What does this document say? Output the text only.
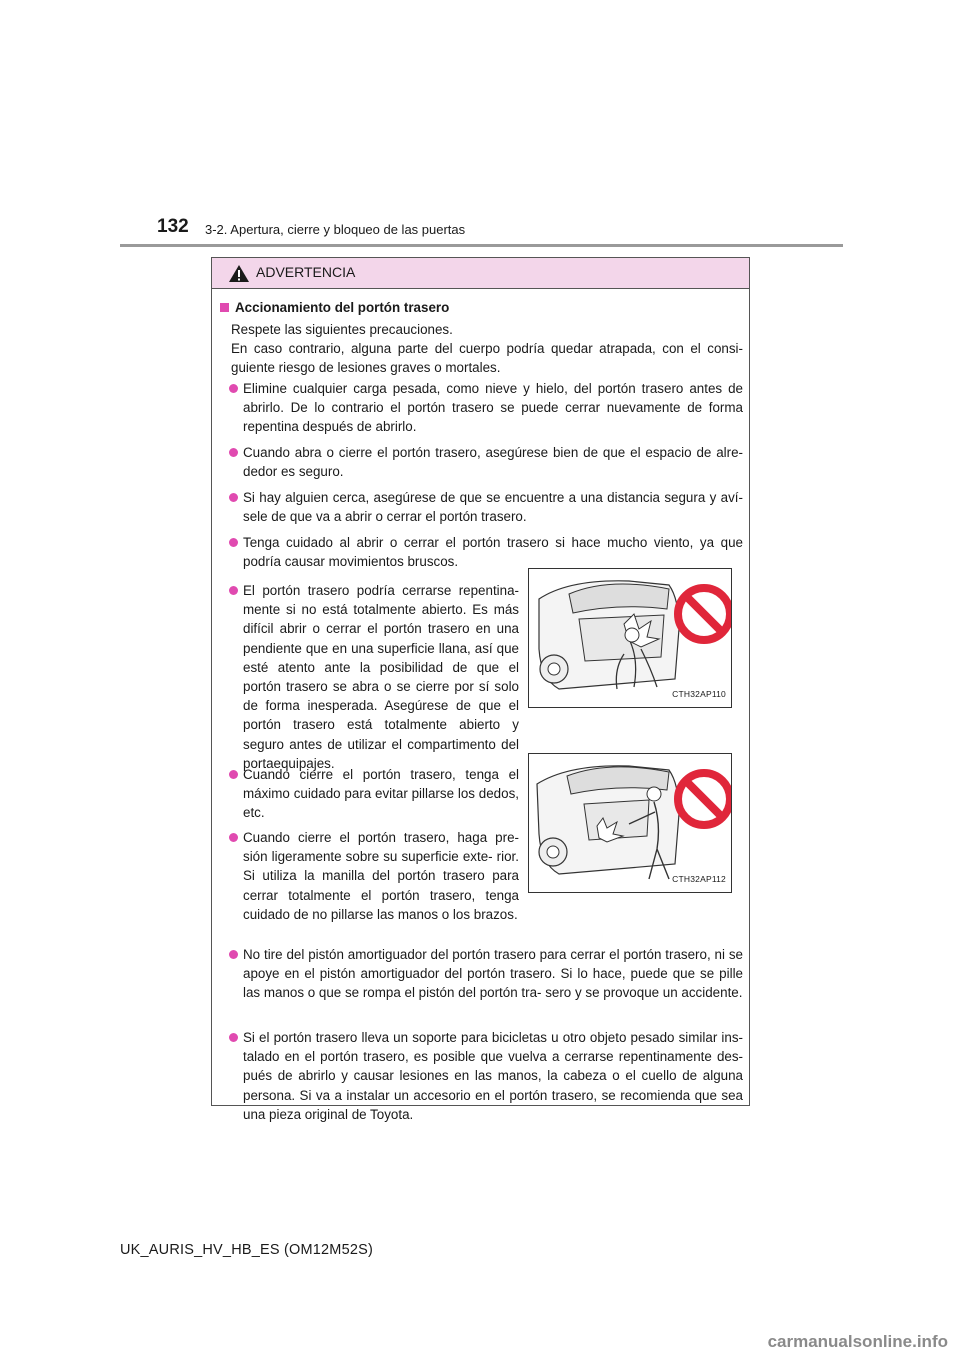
132 3-2. Apertura, cierre y bloqueo de las puertas
ADVERTENCIA
Accionamiento del portón trasero
Respete las siguientes precauciones.
En caso contrario, alguna parte del cuerpo podría quedar atrapada, con el consi- guiente riesgo de lesiones graves o mortales.
Elimine cualquier carga pesada, como nieve y hielo, del portón trasero antes de abrirlo. De lo contrario el portón trasero se puede cerrar nuevamente de forma repentina después de abrirlo.
Cuando abra o cierre el portón trasero, asegúrese bien de que el espacio de alre- dedor es seguro.
Si hay alguien cerca, asegúrese de que se encuentre a una distancia segura y aví- sele de que va a abrir o cerrar el portón trasero.
Tenga cuidado al abrir o cerrar el portón trasero si hace mucho viento, ya que podría causar movimientos bruscos.
El portón trasero podría cerrarse repentina- mente si no está totalmente abierto. Es más difícil abrir o cerrar el portón trasero en una pendiente que en una superficie llana, así que esté atento ante la posibilidad de que el portón trasero se abra o se cierre por sí solo de forma inesperada. Asegúrese de que el portón trasero está totalmente abierto y seguro antes de utilizar el compartimento del portaequipajes.
Cuando cierre el portón trasero, tenga el máximo cuidado para evitar pillarse los dedos, etc.
Cuando cierre el portón trasero, haga pre- sión ligeramente sobre su superficie exte- rior. Si utiliza la manilla del portón trasero para cerrar totalmente el portón trasero, tenga cuidado de no pillarse las manos o los brazos.
No tire del pistón amortiguador del portón trasero para cerrar el portón trasero, ni se apoye en el pistón amortiguador del portón trasero. Si lo hace, puede que se pille las manos o que se rompa el pistón del portón tra- sero y se provoque un accidente.
Si el portón trasero lleva un soporte para bicicletas u otro objeto pesado similar ins- talado en el portón trasero, es posible que vuelva a cerrarse repentinamente des- pués de abrirlo y causar lesiones en las manos, la cabeza o el cuello de alguna persona. Si va a instalar un accesorio en el portón trasero, se recomienda que sea una pieza original de Toyota.
CTH32AP110
CTH32AP112
UK_AURIS_HV_HB_ES (OM12M52S)
carmanualsonline.info
